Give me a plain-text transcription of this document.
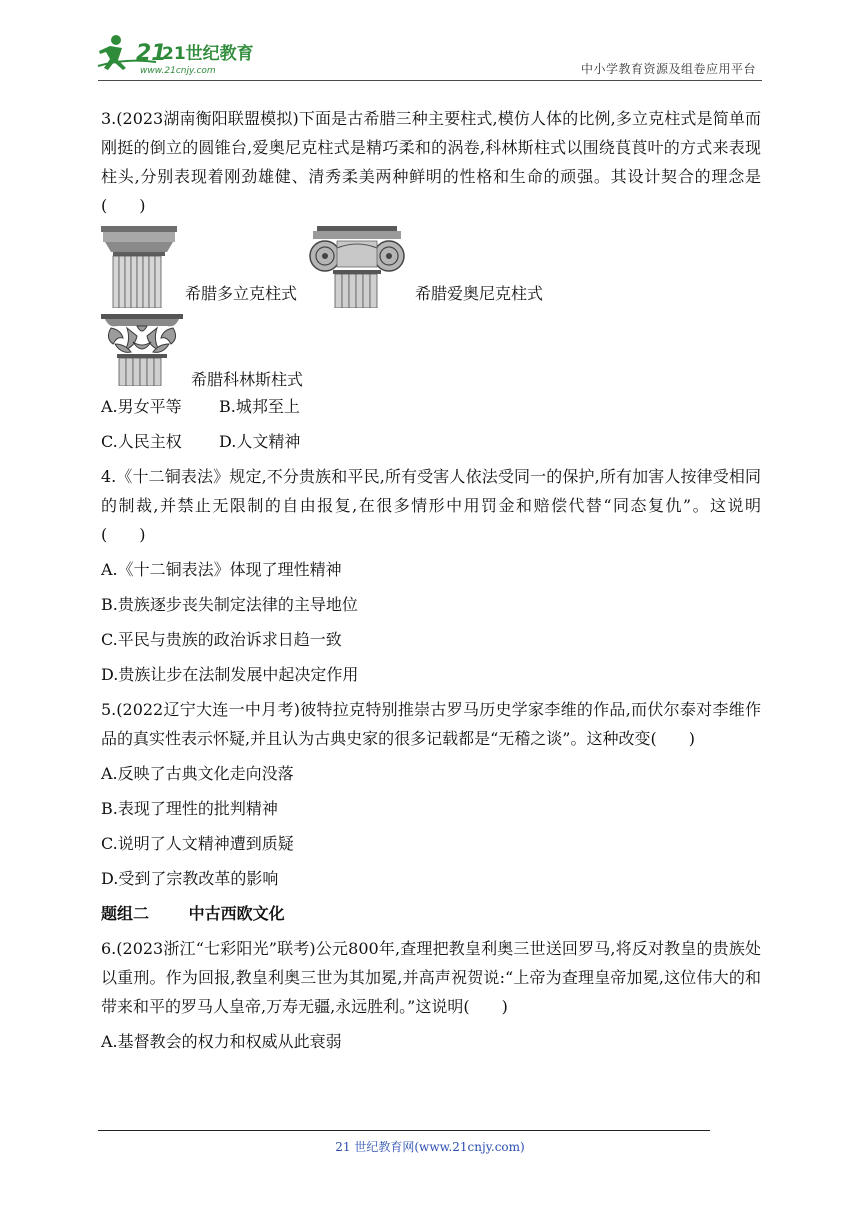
21
21世纪教育
www.21cnjy.com	中小学教育资源及组卷应用平台

3.(2023湖南衡阳联盟模拟)下面是古希腊三种主要柱式,模仿人体的比例,多立克柱式是简单而刚挺的倒立的圆锥台,爱奥尼克柱式是精巧柔和的涡卷,科林斯柱式以围绕茛莨叶的方式来表现柱头,分别表现着刚劲雄健、清秀柔美两种鲜明的性格和生命的顽强。其设计契合的理念是(　　)

希腊多立克柱式	希腊爱奥尼克柱式
希腊科林斯柱式
A.男女平等	B.城邦至上
C.人民主权	D.人文精神

4.《十二铜表法》规定,不分贵族和平民,所有受害人依法受同一的保护,所有加害人按律受相同的制裁,并禁止无限制的自由报复,在很多情形中用罚金和赔偿代替“同态复仇”。这说明　(　　)

A.《十二铜表法》体现了理性精神
B.贵族逐步丧失制定法律的主导地位
C.平民与贵族的政治诉求日趋一致
D.贵族让步在法制发展中起决定作用

5.(2022辽宁大连一中月考)彼特拉克特别推崇古罗马历史学家李维的作品,而伏尔泰对李维作品的真实性表示怀疑,并且认为古典史家的很多记载都是“无稽之谈”。这种改变(　　)

A.反映了古典文化走向没落
B.表现了理性的批判精神
C.说明了人文精神遭到质疑
D.受到了宗教改革的影响
题组二 中古西欧文化

6.(2023浙江“七彩阳光”联考)公元800年,查理把教皇利奥三世送回罗马,将反对教皇的贵族处以重刑。作为回报,教皇利奥三世为其加冕,并高声祝贺说:“上帝为查理皇帝加冕,这位伟大的和带来和平的罗马人皇帝,万寿无疆,永远胜利。”这说明(　　)

A.基督教会的权力和权威从此衰弱
21 世纪教育网(www.21cnjy.com)
